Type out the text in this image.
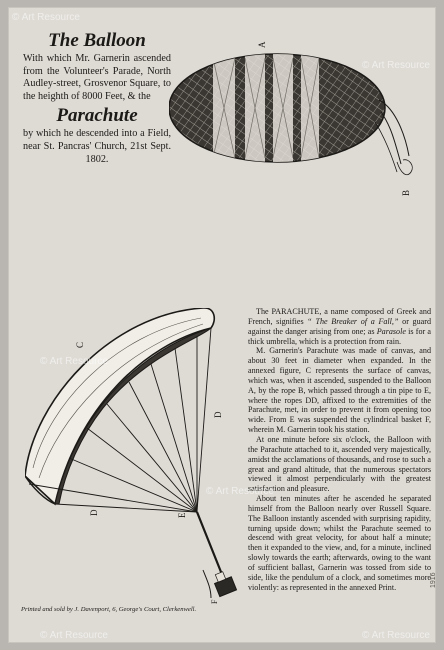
The Balloon
With which Mr. Garnerin ascended from the Volunteer's Parade, North Audley-street, Grosvenor Square, to the heighth of 8000 Feet, & the
Parachute
by which he descended into a Field, near St. Pancras' Church, 21st Sept. 1802.
A
B
C
D
D
E
F

The PARACHUTE, a name composed of Greek and French, signifies “ The Breaker of a Fall,” or guard against the danger arising from one; as Parasole is for a thick umbrella, which is a protection from rain.

M. Garnerin's Parachute was made of canvas, and about 30 feet in diameter when expanded. In the annexed figure, C represents the surface of canvas, which was, when it ascended, suspended to the Balloon A, by the rope B, which passed through a tin pipe to E, where the ropes DD, affixed to the extremities of the Parachute, met, in order to prevent it from opening too wide. From E was suspended the cylindrical basket F, wherein M. Garnerin took his station.

At one minute before six o'clock, the Balloon with the Parachute attached to it, ascended very majestically, amidst the acclamations of thousands, and rose to such a great and grand altitude, that the numerous spectators viewed it almost perpendicularly with the greatest satisfaction and pleasure.

About ten minutes after he ascended he separated himself from the Balloon nearly over Russell Square. The Balloon instantly ascended with surprising rapidity, turning upside down; whilst the Parachute seemed to descend with great velocity, for about half a minute; then it expanded to the view, and, for a minute, inclined slowly towards the earth; afterwards, owing to the want of sufficient ballast, Garnerin was tossed from side to side, like the pendulum of a clock, and sometimes more violently: as represented in the annexed Print.

Printed and sold by J. Davenport, 6, George's Court, Clerkenwell.
1916
© Art Resource
© Art Resource
© Art Resource
© Art Resource
© Art Resource
©	Art Resource
